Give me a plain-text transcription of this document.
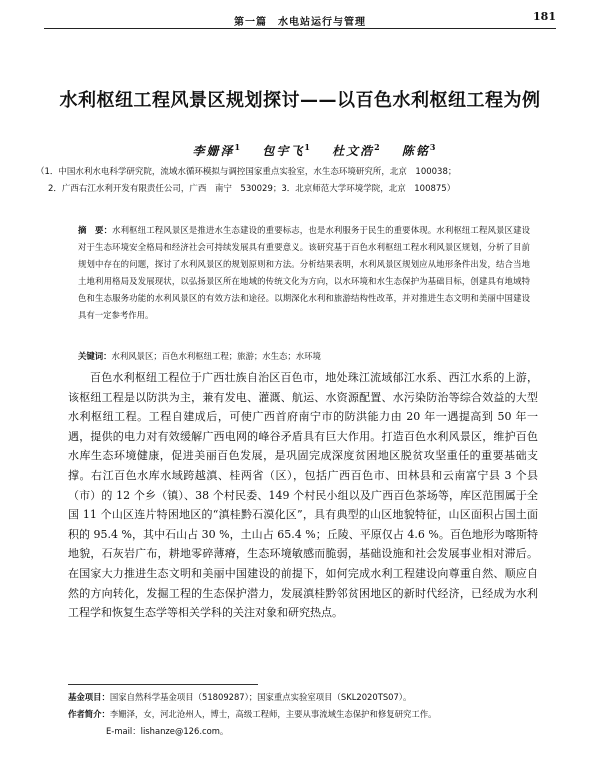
第一篇　水电站运行与管理	181
水利枢纽工程风景区规划探讨——以百色水利枢纽工程为例
李姗泽$^1$ 包宇飞$^1$ 杜文浩$^2$ 陈铭$^3$
（1．中国水利水电科学研究院，流域水循环模拟与调控国家重点实验室，水生态环境研究所，北京　100038；
2．广西右江水利开发有限责任公司，广西　南宁　530029；3．北京师范大学环境学院，北京　100875）
摘　要：水利枢纽工程风景区是推进水生态建设的重要标志，也是水利服务于民生的重要体现。水利枢纽工程风景区建设对于生态环境安全格局和经济社会可持续发展具有重要意义。该研究基于百色水利枢纽工程水利风景区规划，分析了目前规划中存在的问题，探讨了水利风景区的规划原则和方法。分析结果表明，水利风景区规划应从地形条件出发，结合当地土地利用格局及发展现状，以弘扬景区所在地域的传统文化为方向，以水环境和水生态保护为基础目标，创建具有地域特色和生态服务功能的水利风景区的有效方法和途径。以期深化水利和旅游结构性改革，并对推进生态文明和美丽中国建设具有一定参考作用。
关键词：水利风景区；百色水利枢纽工程；旅游；水生态；水环境
百色水利枢纽工程位于广西壮族自治区百色市，地处珠江流域郁江水系、西江水系的上游，该枢纽工程是以防洪为主，兼有发电、灌溉、航运、水资源配置、水污染防治等综合效益的大型水利枢纽工程。工程自建成后，可使广西首府南宁市的防洪能力由 20 年一遇提高到 50 年一遇，提供的电力对有效缓解广西电网的峰谷矛盾具有巨大作用。打造百色水利风景区，维护百色水库生态环境健康，促进美丽百色发展，是巩固完成深度贫困地区脱贫攻坚重任的重要基础支撑。右江百色水库水域跨越滇、桂两省（区），包括广西百色市、田林县和云南富宁县 3 个县（市）的 12 个乡（镇）、38 个村民委、149 个村民小组以及广西百色茶场等，库区范围属于全国 11 个山区连片特困地区的“滇桂黔石漠化区”，具有典型的山区地貌特征，山区面积占国土面积的 95.4 %，其中石山占 30 %，土山占 65.4 %；丘陵、平原仅占 4.6 %。百色地形为喀斯特地貌，石灰岩广布，耕地零碎薄瘠，生态环境敏感而脆弱，基础设施和社会发展事业相对滞后。在国家大力推进生态文明和美丽中国建设的前提下，如何完成水利工程建设向尊重自然、顺应自然的方向转化，发掘工程的生态保护潜力，发展滇桂黔邻贫困地区的新时代经济，已经成为水利工程学和恢复生态学等相关学科的关注对象和研究热点。
基金项目：国家自然科学基金项目（51809287）；国家重点实验室项目（SKL2020TS07）。
作者简介：李姗泽，女，河北沧州人，博士，高级工程师，主要从事流域生态保护和修复研究工作。
E-mail：lishanze@126.com。
